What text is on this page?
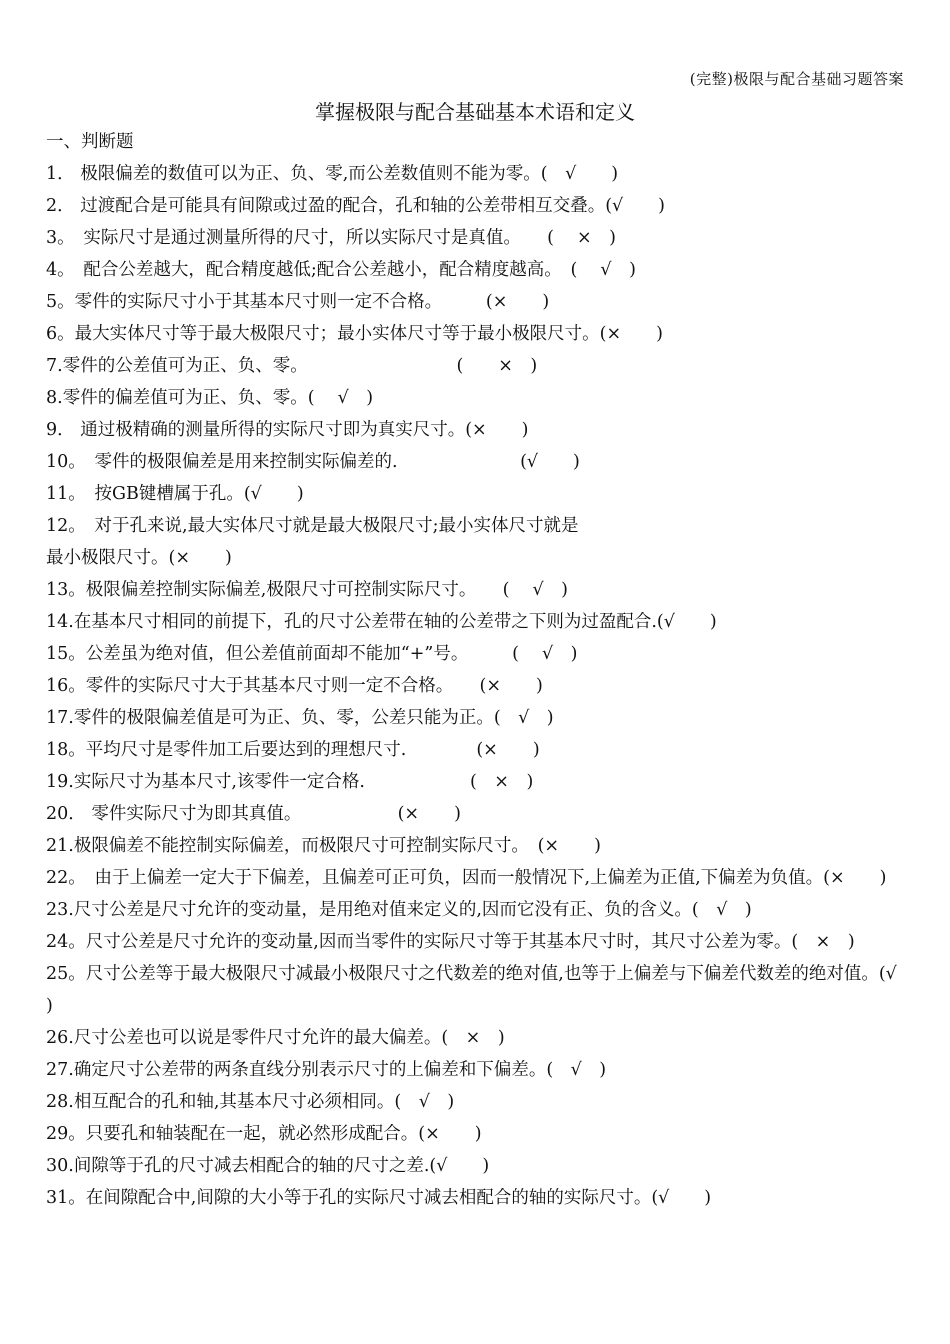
(完整)极限与配合基础习题答案
掌握极限与配合基础基本术语和定义
一、判断题
1． 极限偏差的数值可以为正、负、零,而公差数值则不能为零。(　√　　)
2． 过渡配合是可能具有间隙或过盈的配合，孔和轴的公差带相互交叠。(√　　)
3。　实际尺寸是通过测量所得的尺寸，所以实际尺寸是真值。　　(　 ×　)
4。　配合公差越大，配合精度越低;配合公差越小，配合精度越高。　(　 √　)
5。零件的实际尺寸小于其基本尺寸则一定不合格。　　　(×　　)
6。最大实体尺寸等于最大极限尺寸；最小实体尺寸等于最小极限尺寸。(×　　)
7.零件的公差值可为正、负、零。　　　　　　　　　(　　×　)
8.零件的偏差值可为正、负、零。(　 √　)
9． 通过极精确的测量所得的实际尺寸即为真实尺寸。(×　　)
10。　零件的极限偏差是用来控制实际偏差的.　　　　　　　(√　　)
11。　按GB键槽属于孔。(√　　)
12。　对于孔来说,最大实体尺寸就是最大极限尺寸;最小实体尺寸就是
最小极限尺寸。(×　　)
13。极限偏差控制实际偏差,极限尺寸可控制实际尺寸。　　(　 √　)
14.在基本尺寸相同的前提下，孔的尺寸公差带在轴的公差带之下则为过盈配合.(√　　)
15。公差虽为绝对值，但公差值前面却不能加“+”号。　　　(　 √　)
16。零件的实际尺寸大于其基本尺寸则一定不合格。　　(×　　)
17.零件的极限偏差值是可为正、负、零，公差只能为正。(　√　)
18。平均尺寸是零件加工后要达到的理想尺寸.　　　　(×　　)
19.实际尺寸为基本尺寸,该零件一定合格.　　　　　　(　×　)
20． 零件实际尺寸为即其真值。　　　　　　(×　　)
21.极限偏差不能控制实际偏差，而极限尺寸可控制实际尺寸。　(×　　)
22。　由于上偏差一定大于下偏差，且偏差可正可负，因而一般情况下,上偏差为正值,下偏差为负值。(×　　)
23.尺寸公差是尺寸允许的变动量，是用绝对值来定义的,因而它没有正、负的含义。(　√　)
24。尺寸公差是尺寸允许的变动量,因而当零件的实际尺寸等于其基本尺寸时，其尺寸公差为零。(　×　)
25。尺寸公差等于最大极限尺寸减最小极限尺寸之代数差的绝对值,也等于上偏差与下偏差代数差的绝对值。(√　　)
26.尺寸公差也可以说是零件尺寸允许的最大偏差。(　×　)
27.确定尺寸公差带的两条直线分别表示尺寸的上偏差和下偏差。(　√　)
28.相互配合的孔和轴,其基本尺寸必须相同。(　√　)
29。只要孔和轴装配在一起，就必然形成配合。(×　　)
30.间隙等于孔的尺寸减去相配合的轴的尺寸之差.(√　　)
31。在间隙配合中,间隙的大小等于孔的实际尺寸减去相配合的轴的实际尺寸。(√　　)
